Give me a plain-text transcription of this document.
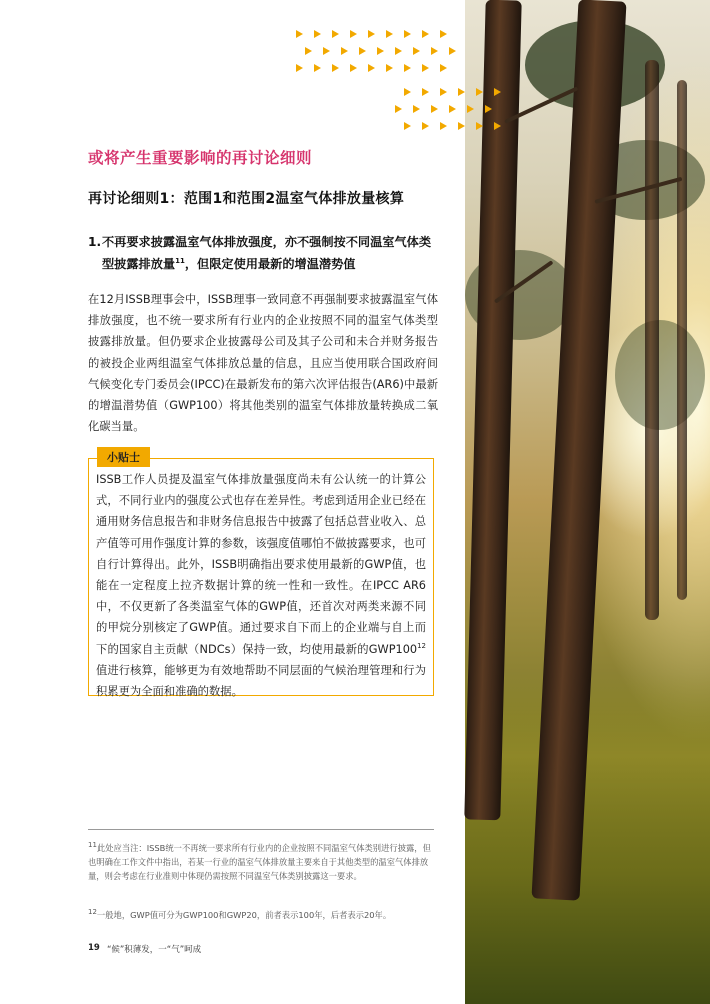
或将产生重要影响的再讨论细则
再讨论细则1：范围1和范围2温室气体排放量核算
1. 不再要求披露温室气体排放强度，亦不强制按不同温室气体类
型披露排放量$^{11}$，但限定使用最新的增温潜势值

在12月ISSB理事会中，ISSB理事一致同意不再强制要求披露温室气体排放强度，也不统一要求所有行业内的企业按照不同的温室气体类型披露排放量。但仍要求企业披露母公司及其子公司和未合并财务报告的被投企业两组温室气体排放总量的信息，且应当使用联合国政府间气候变化专门委员会(IPCC)在最新发布的第六次评估报告(AR6)中最新的增温潜势值（GWP100）将其他类别的温室气体排放量转换成二氧化碳当量。

小贴士

ISSB工作人员提及温室气体排放量强度尚未有公认统一的计算公式，不同行业内的强度公式也存在差异性。考虑到适用企业已经在通用财务信息报告和非财务信息报告中披露了包括总营业收入、总产值等可用作强度计算的参数，该强度值哪怕不做披露要求，也可自行计算得出。此外，ISSB明确指出要求使用最新的GWP值，也能在一定程度上拉齐数据计算的统一性和一致性。在IPCC AR6中，不仅更新了各类温室气体的GWP值，还首次对两类来源不同的甲烷分别核定了GWP值。通过要求自下而上的企业端与自上而下的国家自主贡献（NDCs）保持一致，均使用最新的$GWP100^{12}$值进行核算，能够更为有效地帮助不同层面的气候治理管理和行为积累更为全面和准确的数据。

$^{11}$此处应当注：ISSB统一不再统一要求所有行业内的企业按照不同温室气体类别进行披露，但也明确在工作文件中指出，若某一行业的温室气体排放量主要来自于其他类型的温室气体排放量，则会考虑在行业准则中体现仍需按照不同温室气体类别披露这一要求。

$^{12}$一般地，GWP值可分为GWP100和GWP20，前者表示100年，后者表示20年。

19 “候”积薄发，一“气”呵成
